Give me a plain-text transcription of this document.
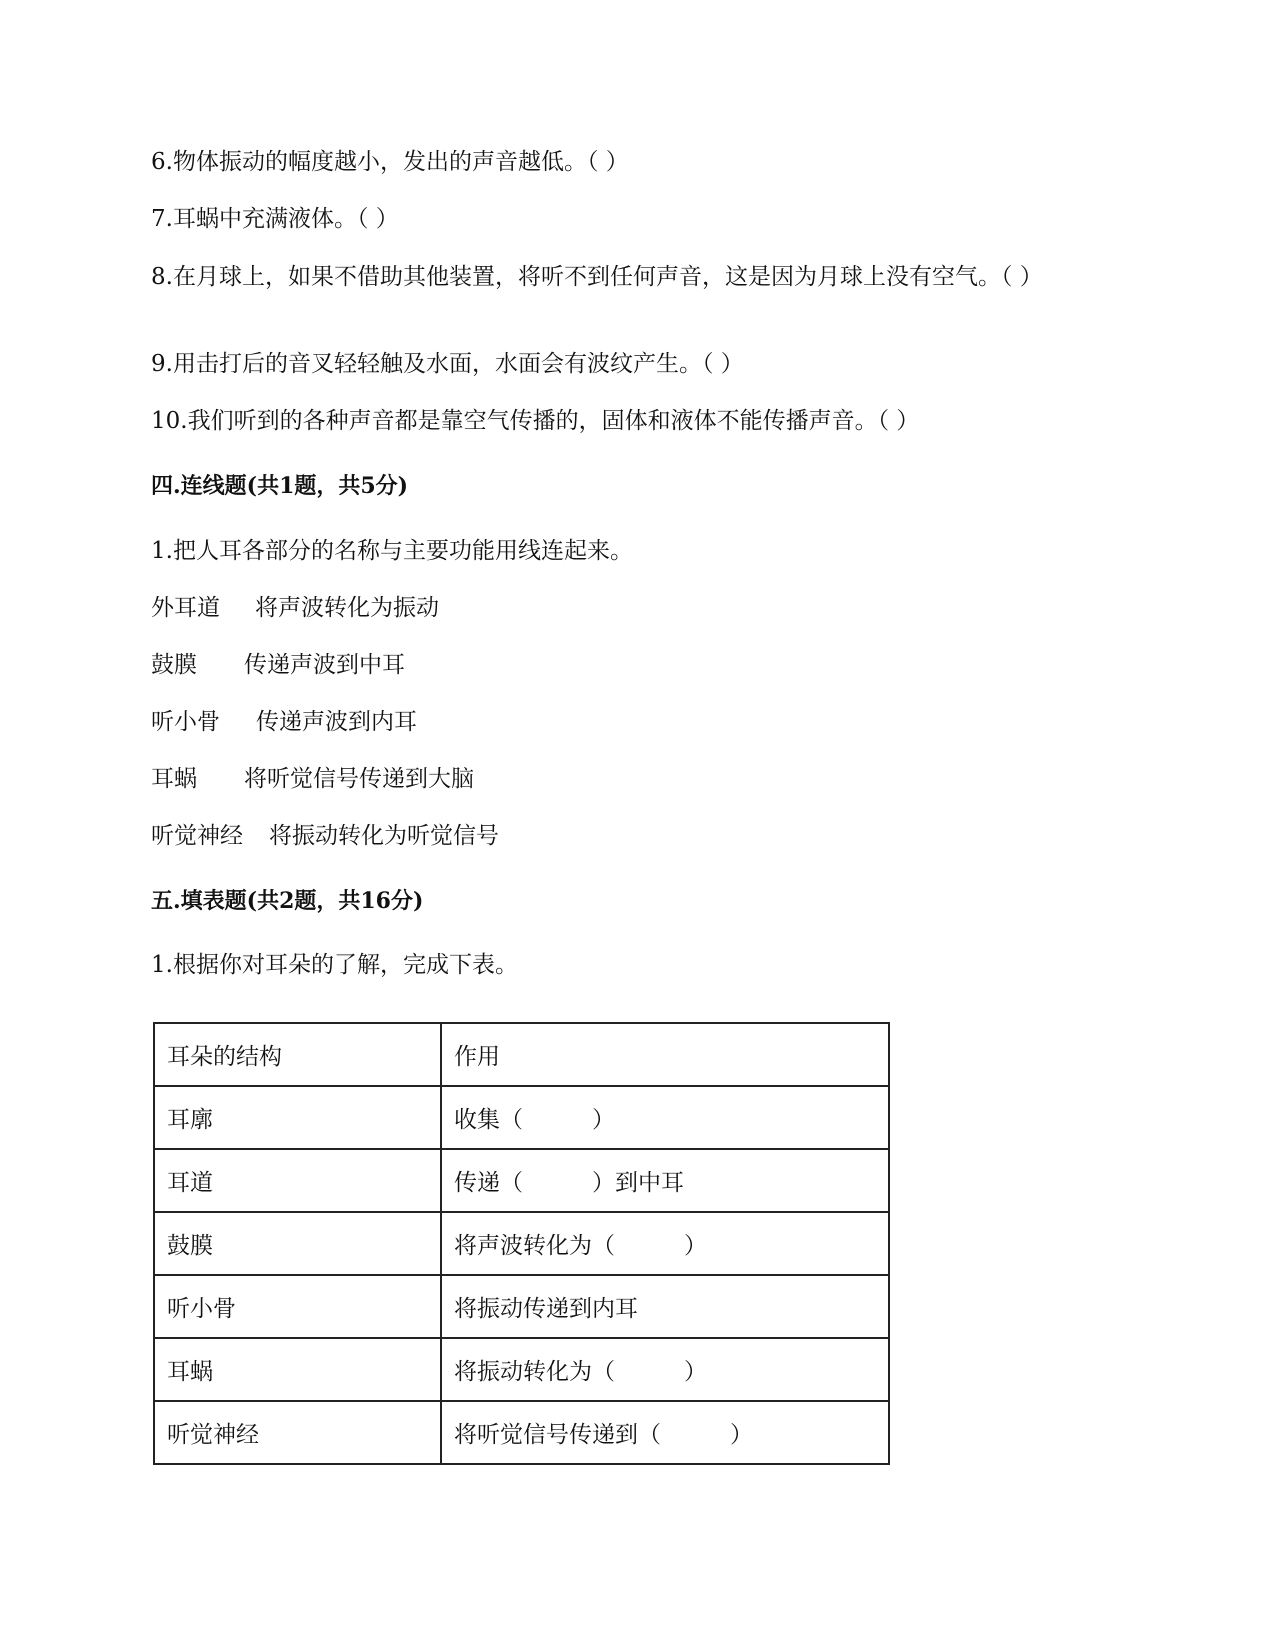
6.物体振动的幅度越小，发出的声音越低。（ ）
7.耳蜗中充满液体。（ ）
8.在月球上，如果不借助其他装置，将听不到任何声音，这是因为月球上没有空气。（ ）
9.用击打后的音叉轻轻触及水面，水面会有波纹产生。（ ）
10.我们听到的各种声音都是靠空气传播的，固体和液体不能传播声音。（ ）
四.连线题(共1题，共5分)
1.把人耳各部分的名称与主要功能用线连起来。
外耳道 将声波转化为振动
鼓膜 传递声波到中耳
听小骨 传递声波到内耳
耳蜗 将听觉信号传递到大脑
听觉神经 将振动转化为听觉信号
五.填表题(共2题，共16分)
1.根据你对耳朵的了解，完成下表。
耳朵的结构	作用
耳廓	收集（　　　）
耳道	传递（　　　）到中耳
鼓膜	将声波转化为（　　　）
听小骨	将振动传递到内耳
耳蜗	将振动转化为（　　　）
听觉神经	将听觉信号传递到（　　　）
